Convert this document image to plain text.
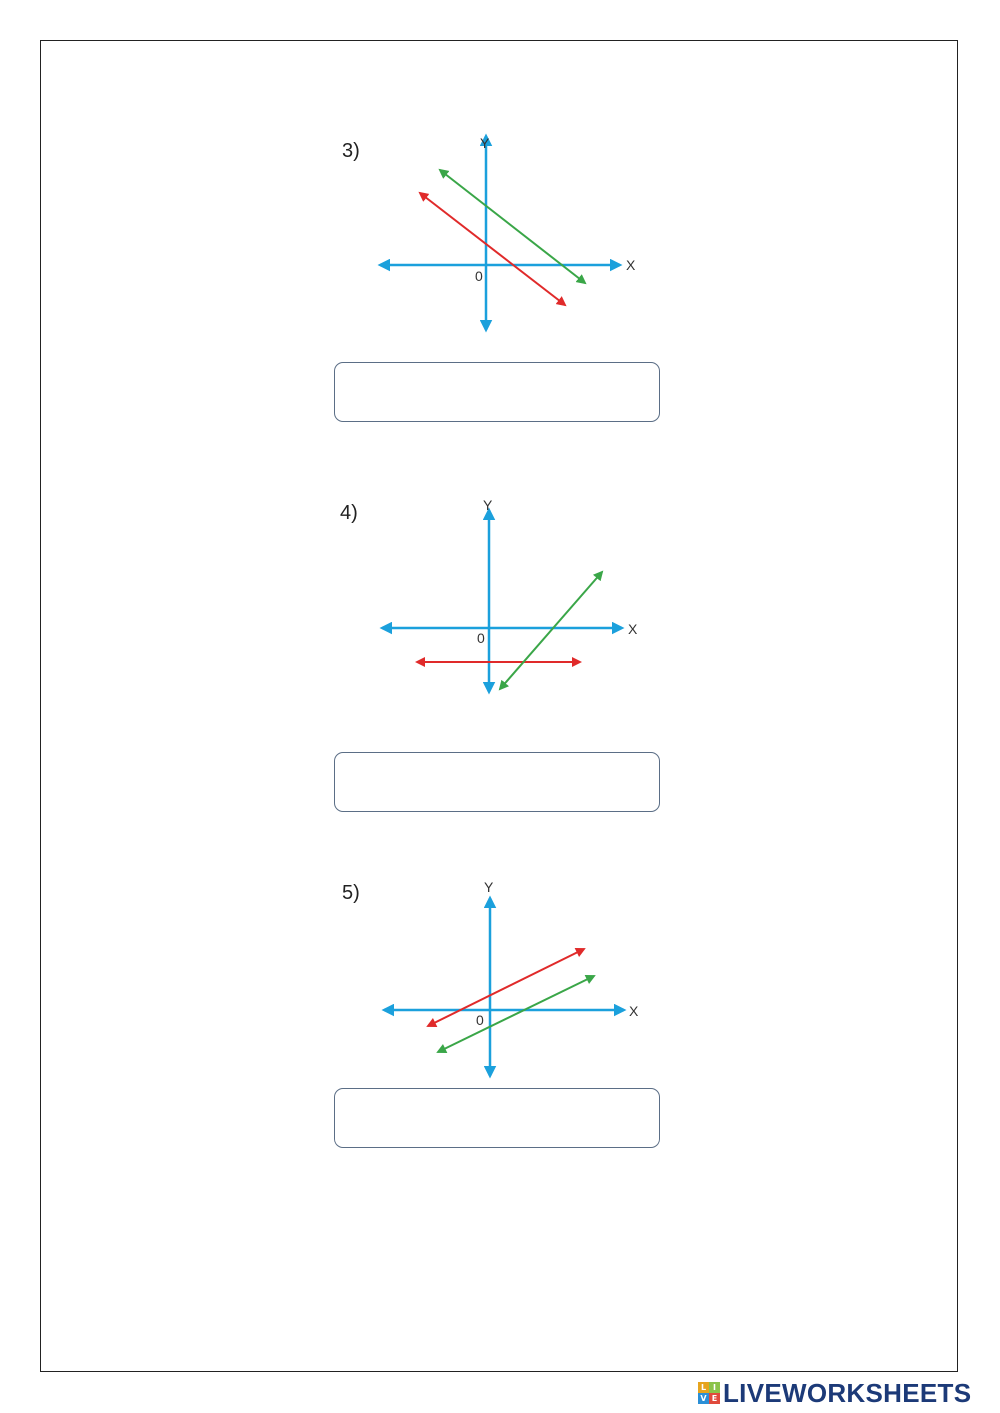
3)	Y
X
0
4)	Y
X
0
5)	Y
X
0
L I
V E LIVEWORKSHEETS
